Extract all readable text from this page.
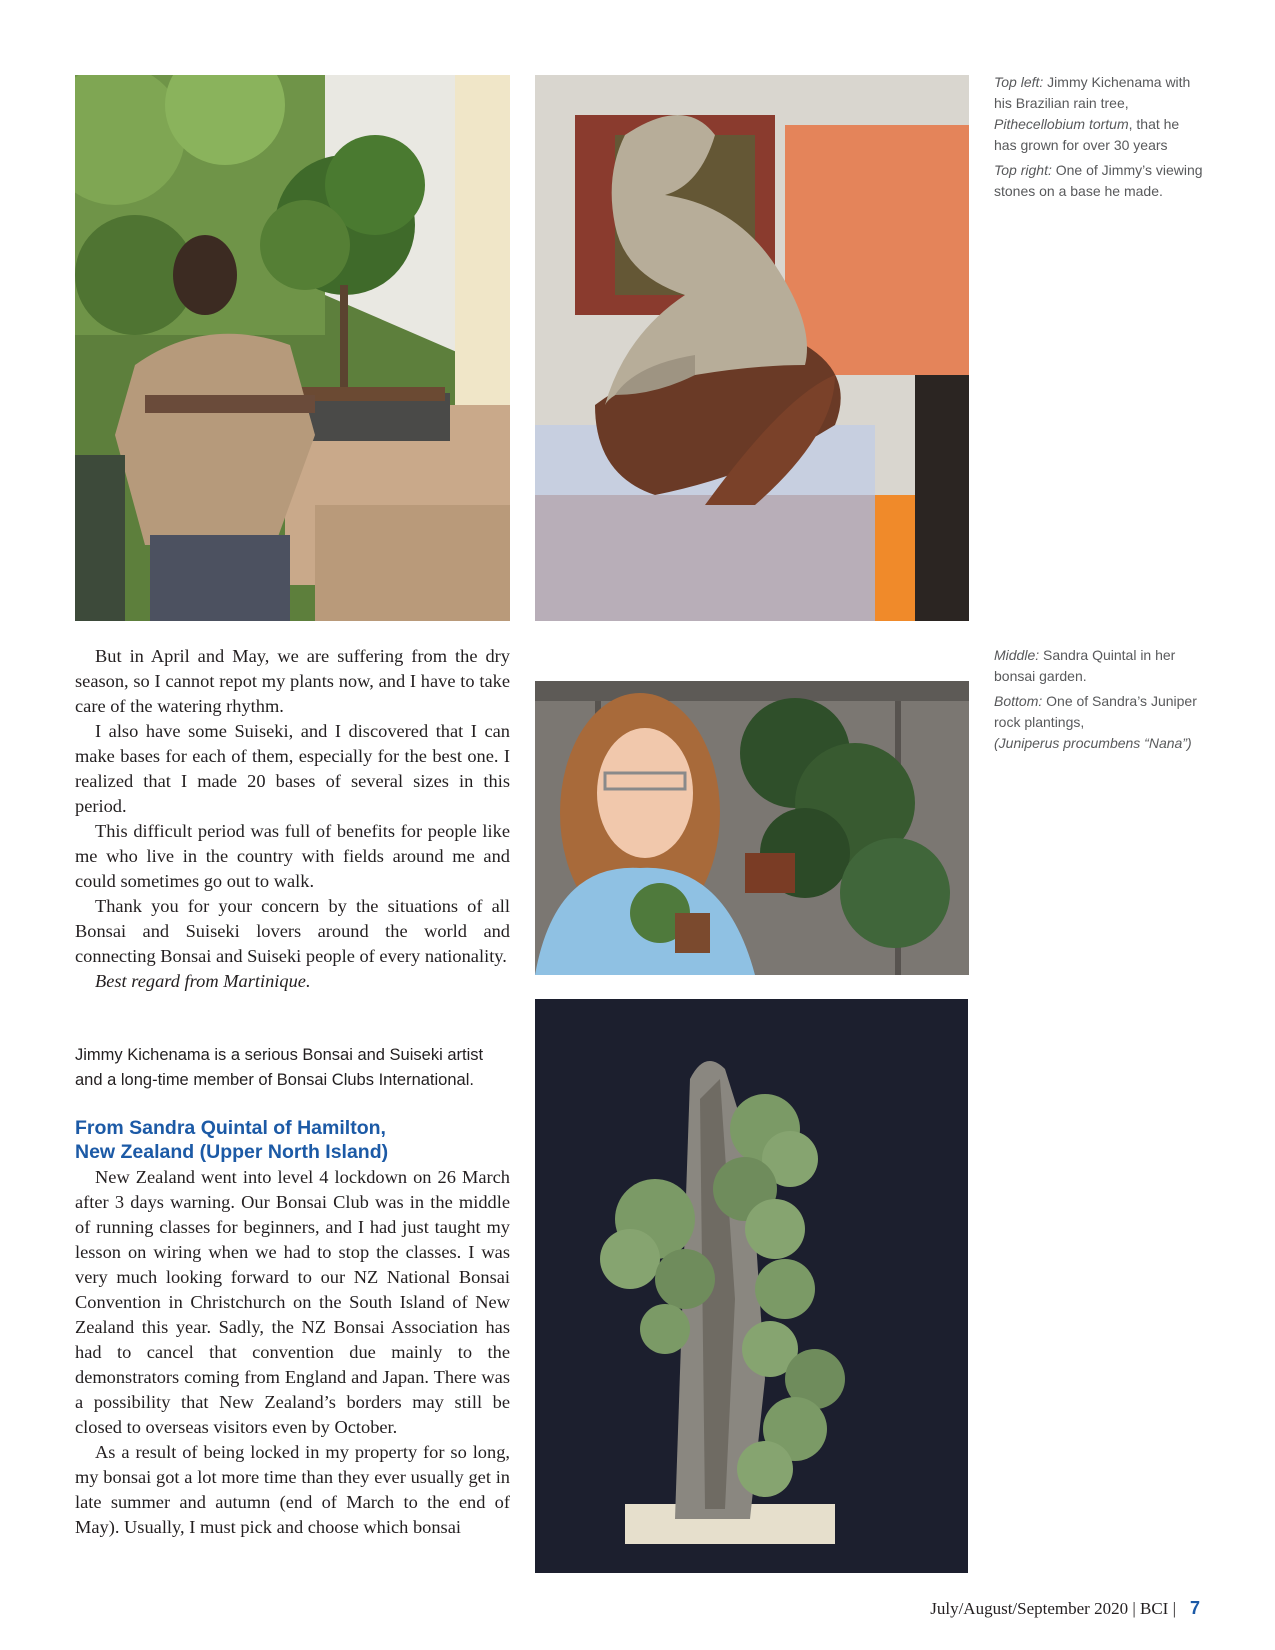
Top left: Jimmy Kichenama with his Brazilian rain tree, Pithecellobium tortum, that he has grown for over 30 years

Top right: One of Jimmy’s viewing stones on a base he made.

Middle: Sandra Quintal in her bonsai garden.

Bottom: One of Sandra’s Juniper rock plantings,
(Juniperus procumbens “Nana”)

But in April and May, we are suffering from the dry season, so I cannot repot my plants now, and I have to take care of the watering rhythm.

I also have some Suiseki, and I discovered that I can make bases for each of them, especially for the best one. I realized that I made 20 bases of several sizes in this period.

This difficult period was full of benefits for people like me who live in the country with fields around me and could sometimes go out to walk.

Thank you for your concern by the situations of all Bonsai and Suiseki lovers around the world and connecting Bonsai and Suiseki people of every nationality.

Best regard from Martinique.

Jimmy Kichenama is a serious Bonsai and Suiseki artist and a long-time member of Bonsai Clubs International.
From Sandra Quintal of Hamilton,
New Zealand (Upper North Island)

New Zealand went into level 4 lockdown on 26 March after 3 days warning. Our Bonsai Club was in the middle of running classes for beginners, and I had just taught my lesson on wiring when we had to stop the classes. I was very much looking forward to our NZ National Bonsai Convention in Christchurch on the South Island of New Zealand this year. Sadly, the NZ Bonsai Association has had to cancel that convention due mainly to the demonstrators coming from England and Japan. There was a possibility that New Zealand’s borders may still be closed to overseas visitors even by October.

As a result of being locked in my property for so long, my bonsai got a lot more time than they ever usually get in late summer and autumn (end of March to the end of May). Usually, I must pick and choose which bonsai

July/August/September 2020 | BCI | 7
